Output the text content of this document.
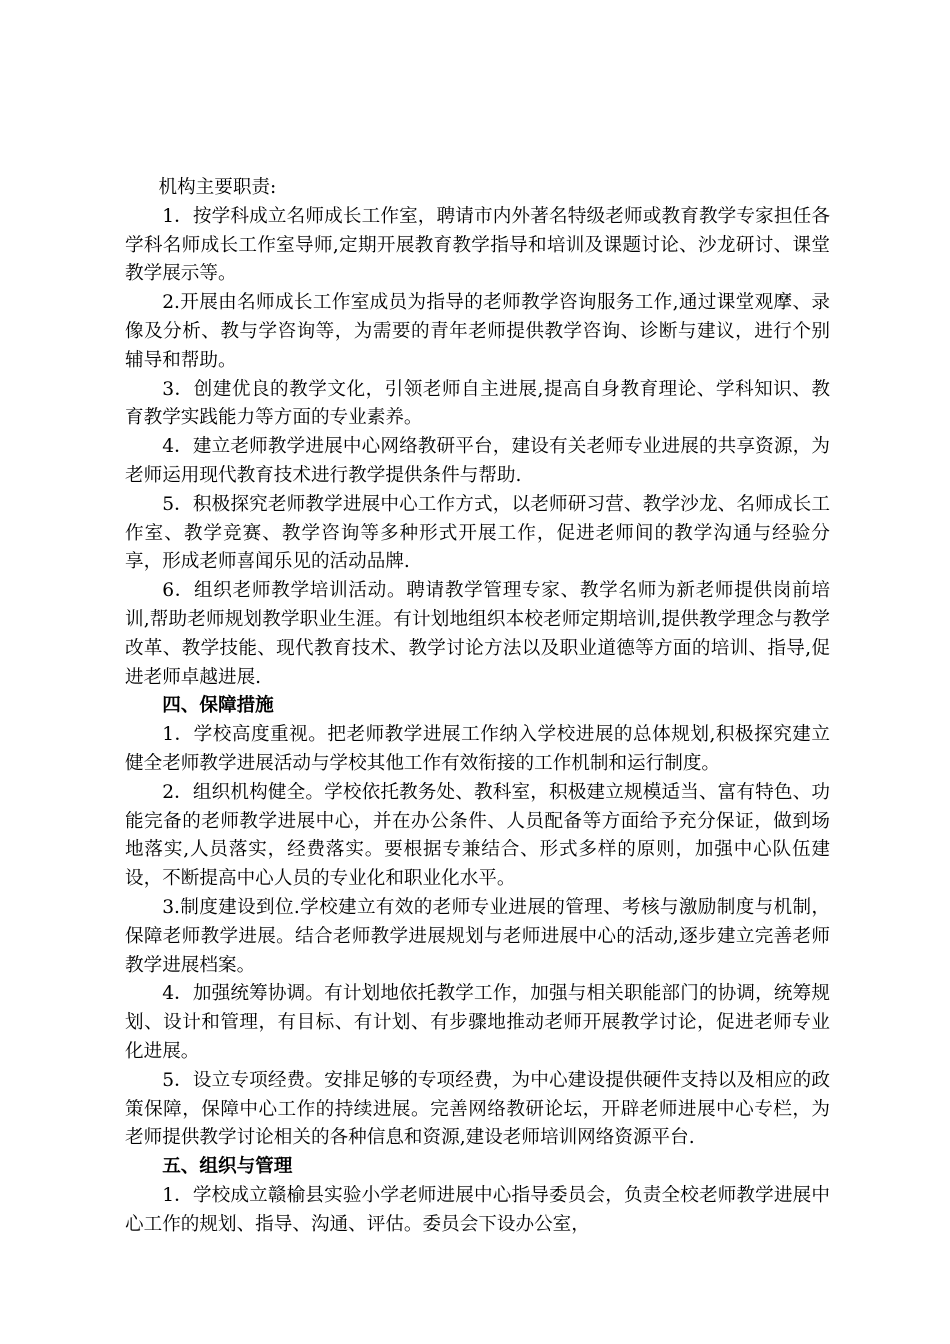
机构主要职责:

1．按学科成立名师成长工作室，聘请市内外著名特级老师或教育教学专家担任各学科名师成长工作室导师,定期开展教育教学指导和培训及课题讨论、沙龙研讨、课堂教学展示等。

2.开展由名师成长工作室成员为指导的老师教学咨询服务工作,通过课堂观摩、录像及分析、教与学咨询等，为需要的青年老师提供教学咨询、诊断与建议，进行个别辅导和帮助。

3．创建优良的教学文化，引领老师自主进展,提高自身教育理论、学科知识、教育教学实践能力等方面的专业素养。

4．建立老师教学进展中心网络教研平台，建设有关老师专业进展的共享资源，为老师运用现代教育技术进行教学提供条件与帮助.

5．积极探究老师教学进展中心工作方式，以老师研习营、教学沙龙、名师成长工作室、教学竞赛、教学咨询等多种形式开展工作，促进老师间的教学沟通与经验分享，形成老师喜闻乐见的活动品牌.

6．组织老师教学培训活动。聘请教学管理专家、教学名师为新老师提供岗前培训,帮助老师规划教学职业生涯。有计划地组织本校老师定期培训,提供教学理念与教学改革、教学技能、现代教育技术、教学讨论方法以及职业道德等方面的培训、指导,促进老师卓越进展.

四、保障措施

1．学校高度重视。把老师教学进展工作纳入学校进展的总体规划,积极探究建立健全老师教学进展活动与学校其他工作有效衔接的工作机制和运行制度。

2．组织机构健全。学校依托教务处、教科室，积极建立规模适当、富有特色、功能完备的老师教学进展中心，并在办公条件、人员配备等方面给予充分保证，做到场地落实,人员落实，经费落实。要根据专兼结合、形式多样的原则，加强中心队伍建设，不断提高中心人员的专业化和职业化水平。

3.制度建设到位.学校建立有效的老师专业进展的管理、考核与激励制度与机制，保障老师教学进展。结合老师教学进展规划与老师进展中心的活动,逐步建立完善老师教学进展档案。

4．加强统筹协调。有计划地依托教学工作，加强与相关职能部门的协调，统筹规划、设计和管理，有目标、有计划、有步骤地推动老师开展教学讨论，促进老师专业化进展。

5．设立专项经费。安排足够的专项经费，为中心建设提供硬件支持以及相应的政策保障，保障中心工作的持续进展。完善网络教研论坛，开辟老师进展中心专栏，为老师提供教学讨论相关的各种信息和资源,建设老师培训网络资源平台.

五、组织与管理

1．学校成立赣榆县实验小学老师进展中心指导委员会，负责全校老师教学进展中心工作的规划、指导、沟通、评估。委员会下设办公室，
